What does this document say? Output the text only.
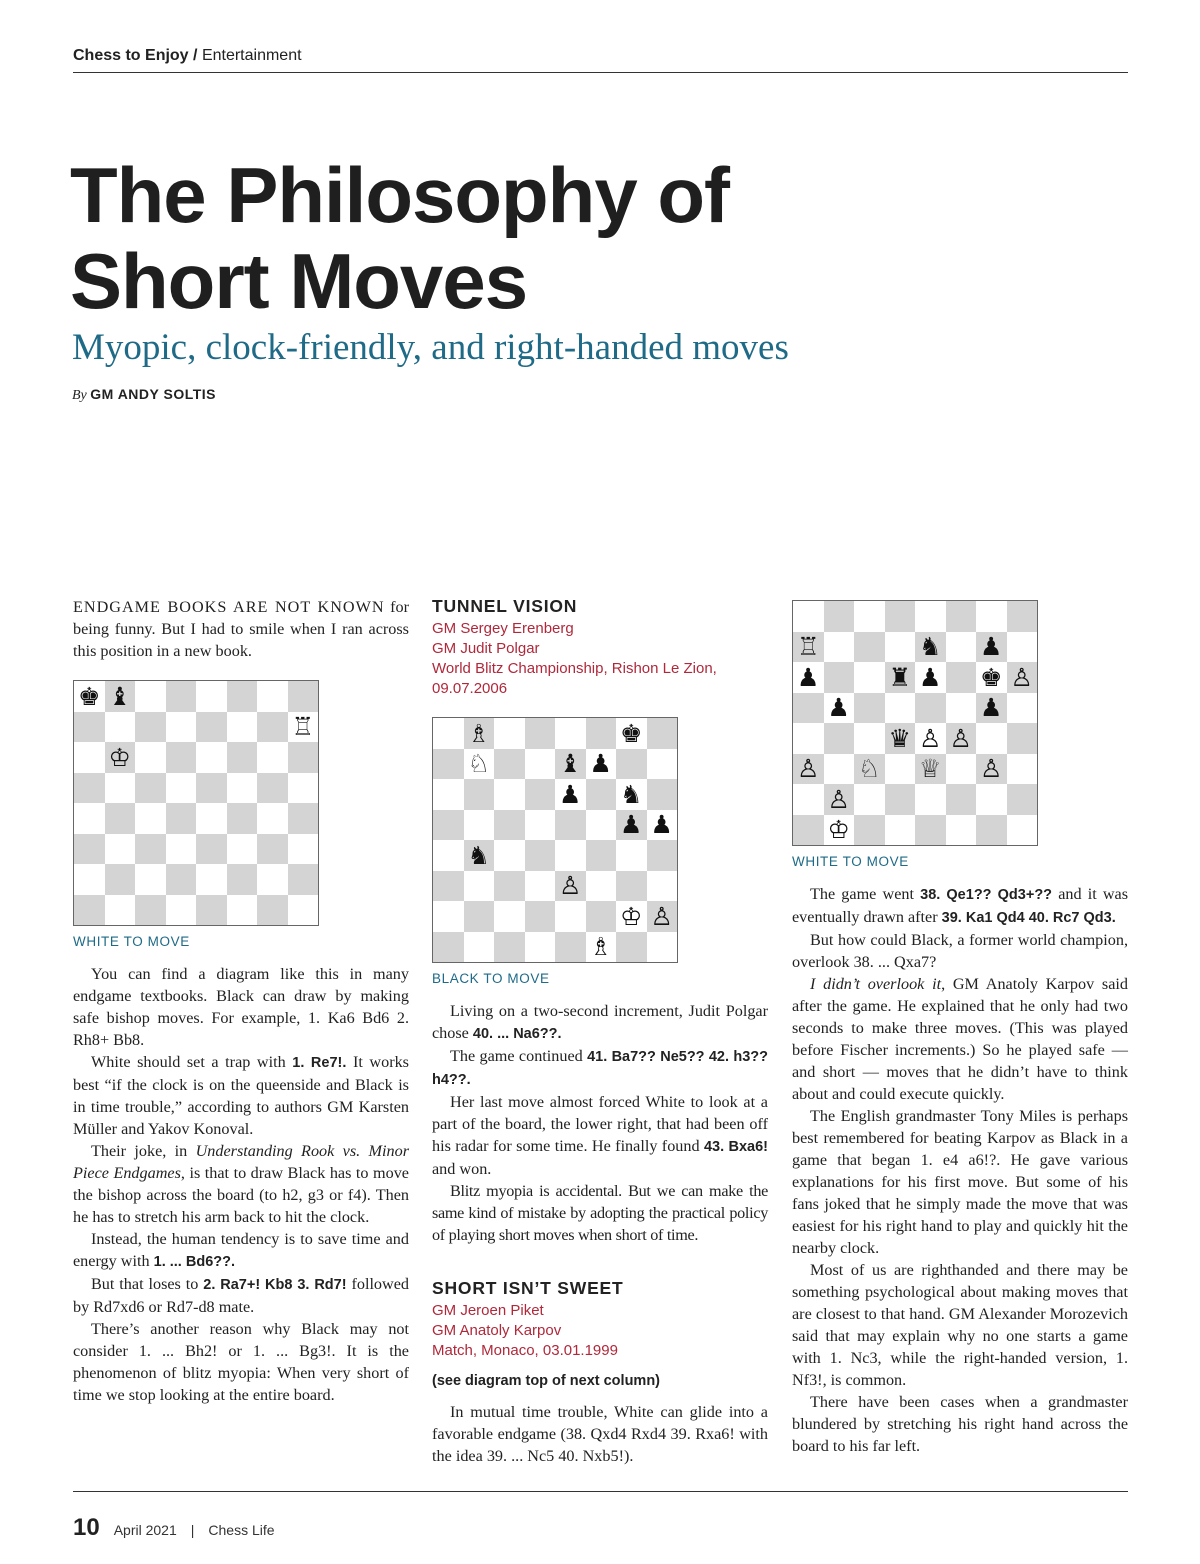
Chess to Enjoy / Entertainment
The Philosophy of
Short Moves
Myopic, clock-friendly, and right-handed moves
By GM ANDY SOLTIS

ENDGAME BOOKS ARE NOT KNOWN for being funny. But I had to smile when I ran across this position in a new book.

♚ ♝
♖
♔
WHITE TO MOVE

You can find a diagram like this in many endgame textbooks. Black can draw by making safe bishop moves. For example, 1. Ka6 Bd6 2. Rh8+ Bb8.

White should set a trap with 1. Re7!. It works best “if the clock is on the queenside and Black is in time trouble,” according to authors GM Karsten Müller and Yakov Konoval.

Their joke, in Understanding Rook vs. Minor Piece Endgames, is that to draw Black has to move the bishop across the board (to h2, g3 or f4). Then he has to stretch his arm back to hit the clock.

Instead, the human tendency is to save time and energy with 1. ... Bd6??.

But that loses to 2. Ra7+! Kb8 3. Rd7! followed by Rd7xd6 or Rd7-d8 mate.

There’s another reason why Black may not consider 1. ... Bh2! or 1. ... Bg3!. It is the phenomenon of blitz myopia: When very short of time we stop looking at the entire board.

TUNNEL VISION
GM Sergey Erenberg
GM Judit Polgar
World Blitz Championship, Rishon Le Zion,
09.07.2006
♗	♚
♘	♝ ♟
♟ ♞
♟ ♟
♞
♙
♔ ♙
♗
BLACK TO MOVE

Living on a two-second increment, Judit Polgar chose 40. ... Na6??.

The game continued 41. Ba7?? Ne5?? 42. h3?? h4??.

Her last move almost forced White to look at a part of the board, the lower right, that had been off his radar for some time. He finally found 43. Bxa6! and won.

Blitz myopia is accidental. But we can make the same kind of mistake by adopting the practical policy of playing short moves when short of time.

SHORT ISN’T SWEET
GM Jeroen Piket
GM Anatoly Karpov
Match, Monaco, 03.01.1999
(see diagram top of next column)

In mutual time trouble, White can glide into a favorable endgame (38. Qxd4 Rxd4 39. Rxa6! with the idea 39. ... Nc5 40. Nxb5!).

♖	♞ ♟
♟	♜ ♟ ♚ ♙
♟	♟
♛ ♙ ♙
♙ ♘ ♕ ♙
♙
♔
WHITE TO MOVE

The game went 38. Qe1?? Qd3+?? and it was eventually drawn after 39. Ka1 Qd4 40. Rc7 Qd3.

But how could Black, a former world champion, overlook 38. ... Qxa7?

I didn’t overlook it, GM Anatoly Karpov said after the game. He explained that he only had two seconds to make three moves. (This was played before Fischer increments.) So he played safe — and short — moves that he didn’t have to think about and could execute quickly.

The English grandmaster Tony Miles is perhaps best remembered for beating Karpov as Black in a game that began 1. e4 a6!?. He gave various explanations for his first move. But some of his fans joked that he simply made the move that was easiest for his right hand to play and quickly hit the nearby clock.

Most of us are righthanded and there may be something psychological about making moves that are closest to that hand. GM Alexander Morozevich said that may explain why no one starts a game with 1. Nc3, while the right-handed version, 1. Nf3!, is common.

There have been cases when a grandmaster blundered by stretching his right hand across the board to his far left.

10 April 2021 | Chess Life
